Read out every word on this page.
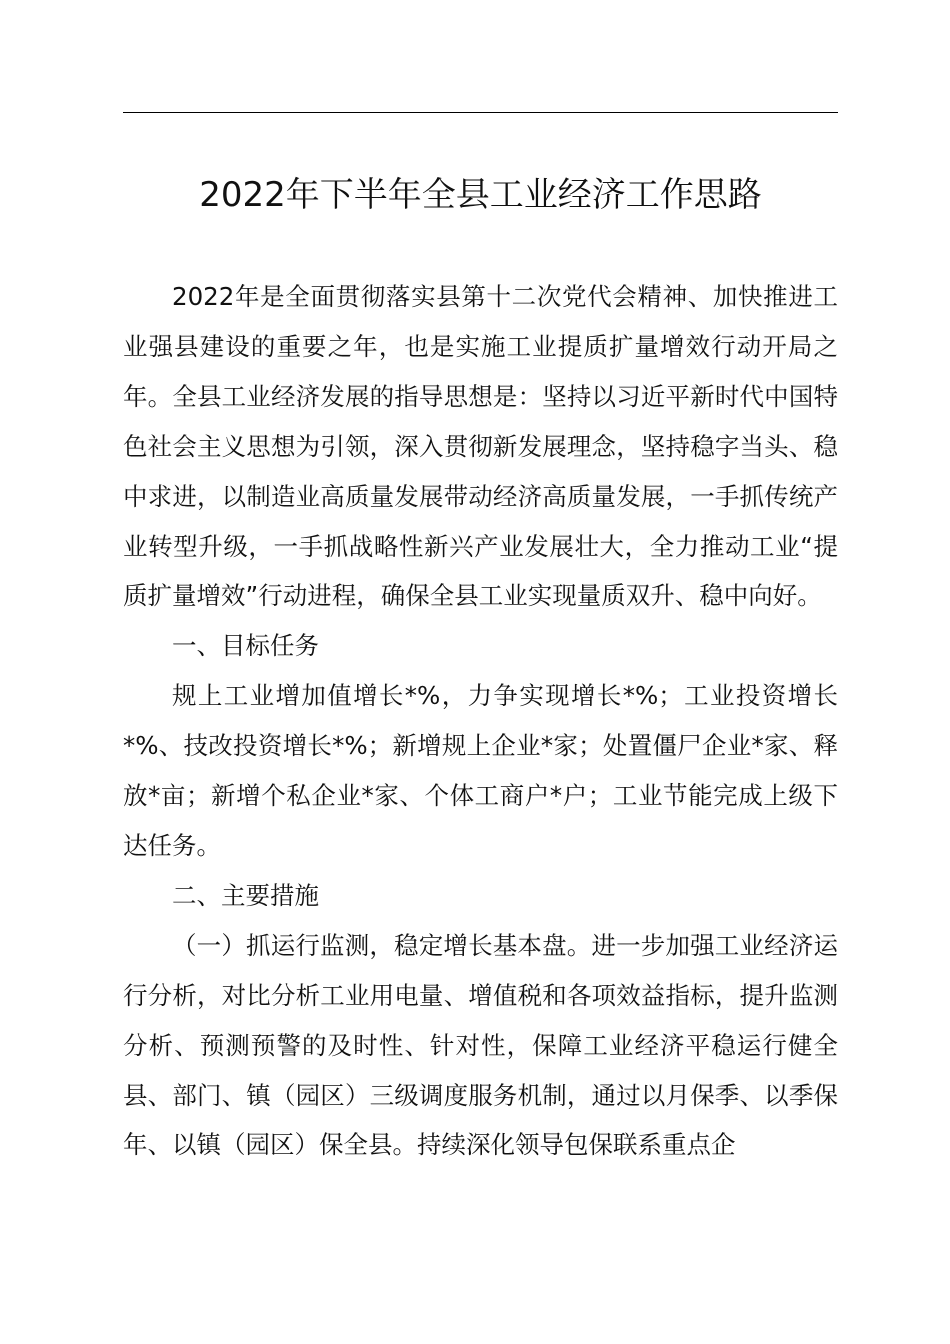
2022年下半年全县工业经济工作思路

2022年是全面贯彻落实县第十二次党代会精神、加快推进工业强县建设的重要之年，也是实施工业提质扩量增效行动开局之年。全县工业经济发展的指导思想是：坚持以习近平新时代中国特色社会主义思想为引领，深入贯彻新发展理念，坚持稳字当头、稳中求进，以制造业高质量发展带动经济高质量发展，一手抓传统产业转型升级，一手抓战略性新兴产业发展壮大，全力推动工业“提质扩量增效”行动进程，确保全县工业实现量质双升、稳中向好。

一、目标任务

规上工业增加值增长*%，力争实现增长*%；工业投资增长*%、技改投资增长*%；新增规上企业*家；处置僵尸企业*家、释放*亩；新增个私企业*家、个体工商户*户；工业节能完成上级下达任务。

二、主要措施

（一）抓运行监测，稳定增长基本盘。进一步加强工业经济运行分析，对比分析工业用电量、增值税和各项效益指标，提升监测分析、预测预警的及时性、针对性，保障工业经济平稳运行健全县、部门、镇（园区）三级调度服务机制，通过以月保季、以季保年、以镇（园区）保全县。持续深化领导包保联系重点企
